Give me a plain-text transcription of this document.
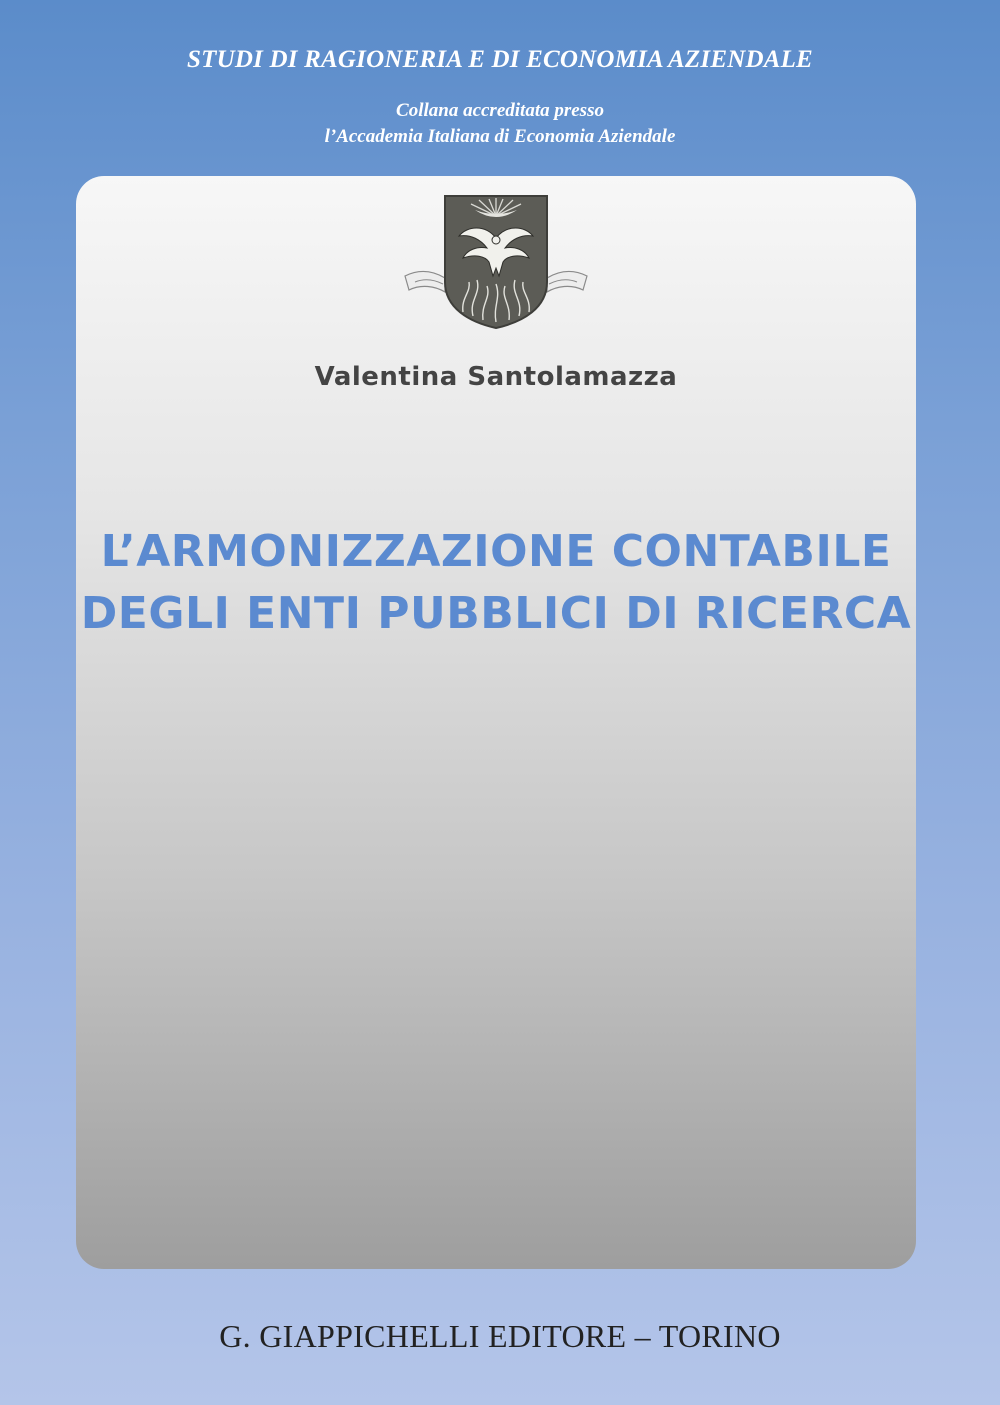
STUDI DI RAGIONERIA E DI ECONOMIA AZIENDALE
Collana accreditata presso
l’Accademia Italiana di Economia Aziendale
Valentina Santolamazza
L’ARMONIZZAZIONE CONTABILE
DEGLI ENTI PUBBLICI DI RICERCA
G. GIAPPICHELLI EDITORE – TORINO
